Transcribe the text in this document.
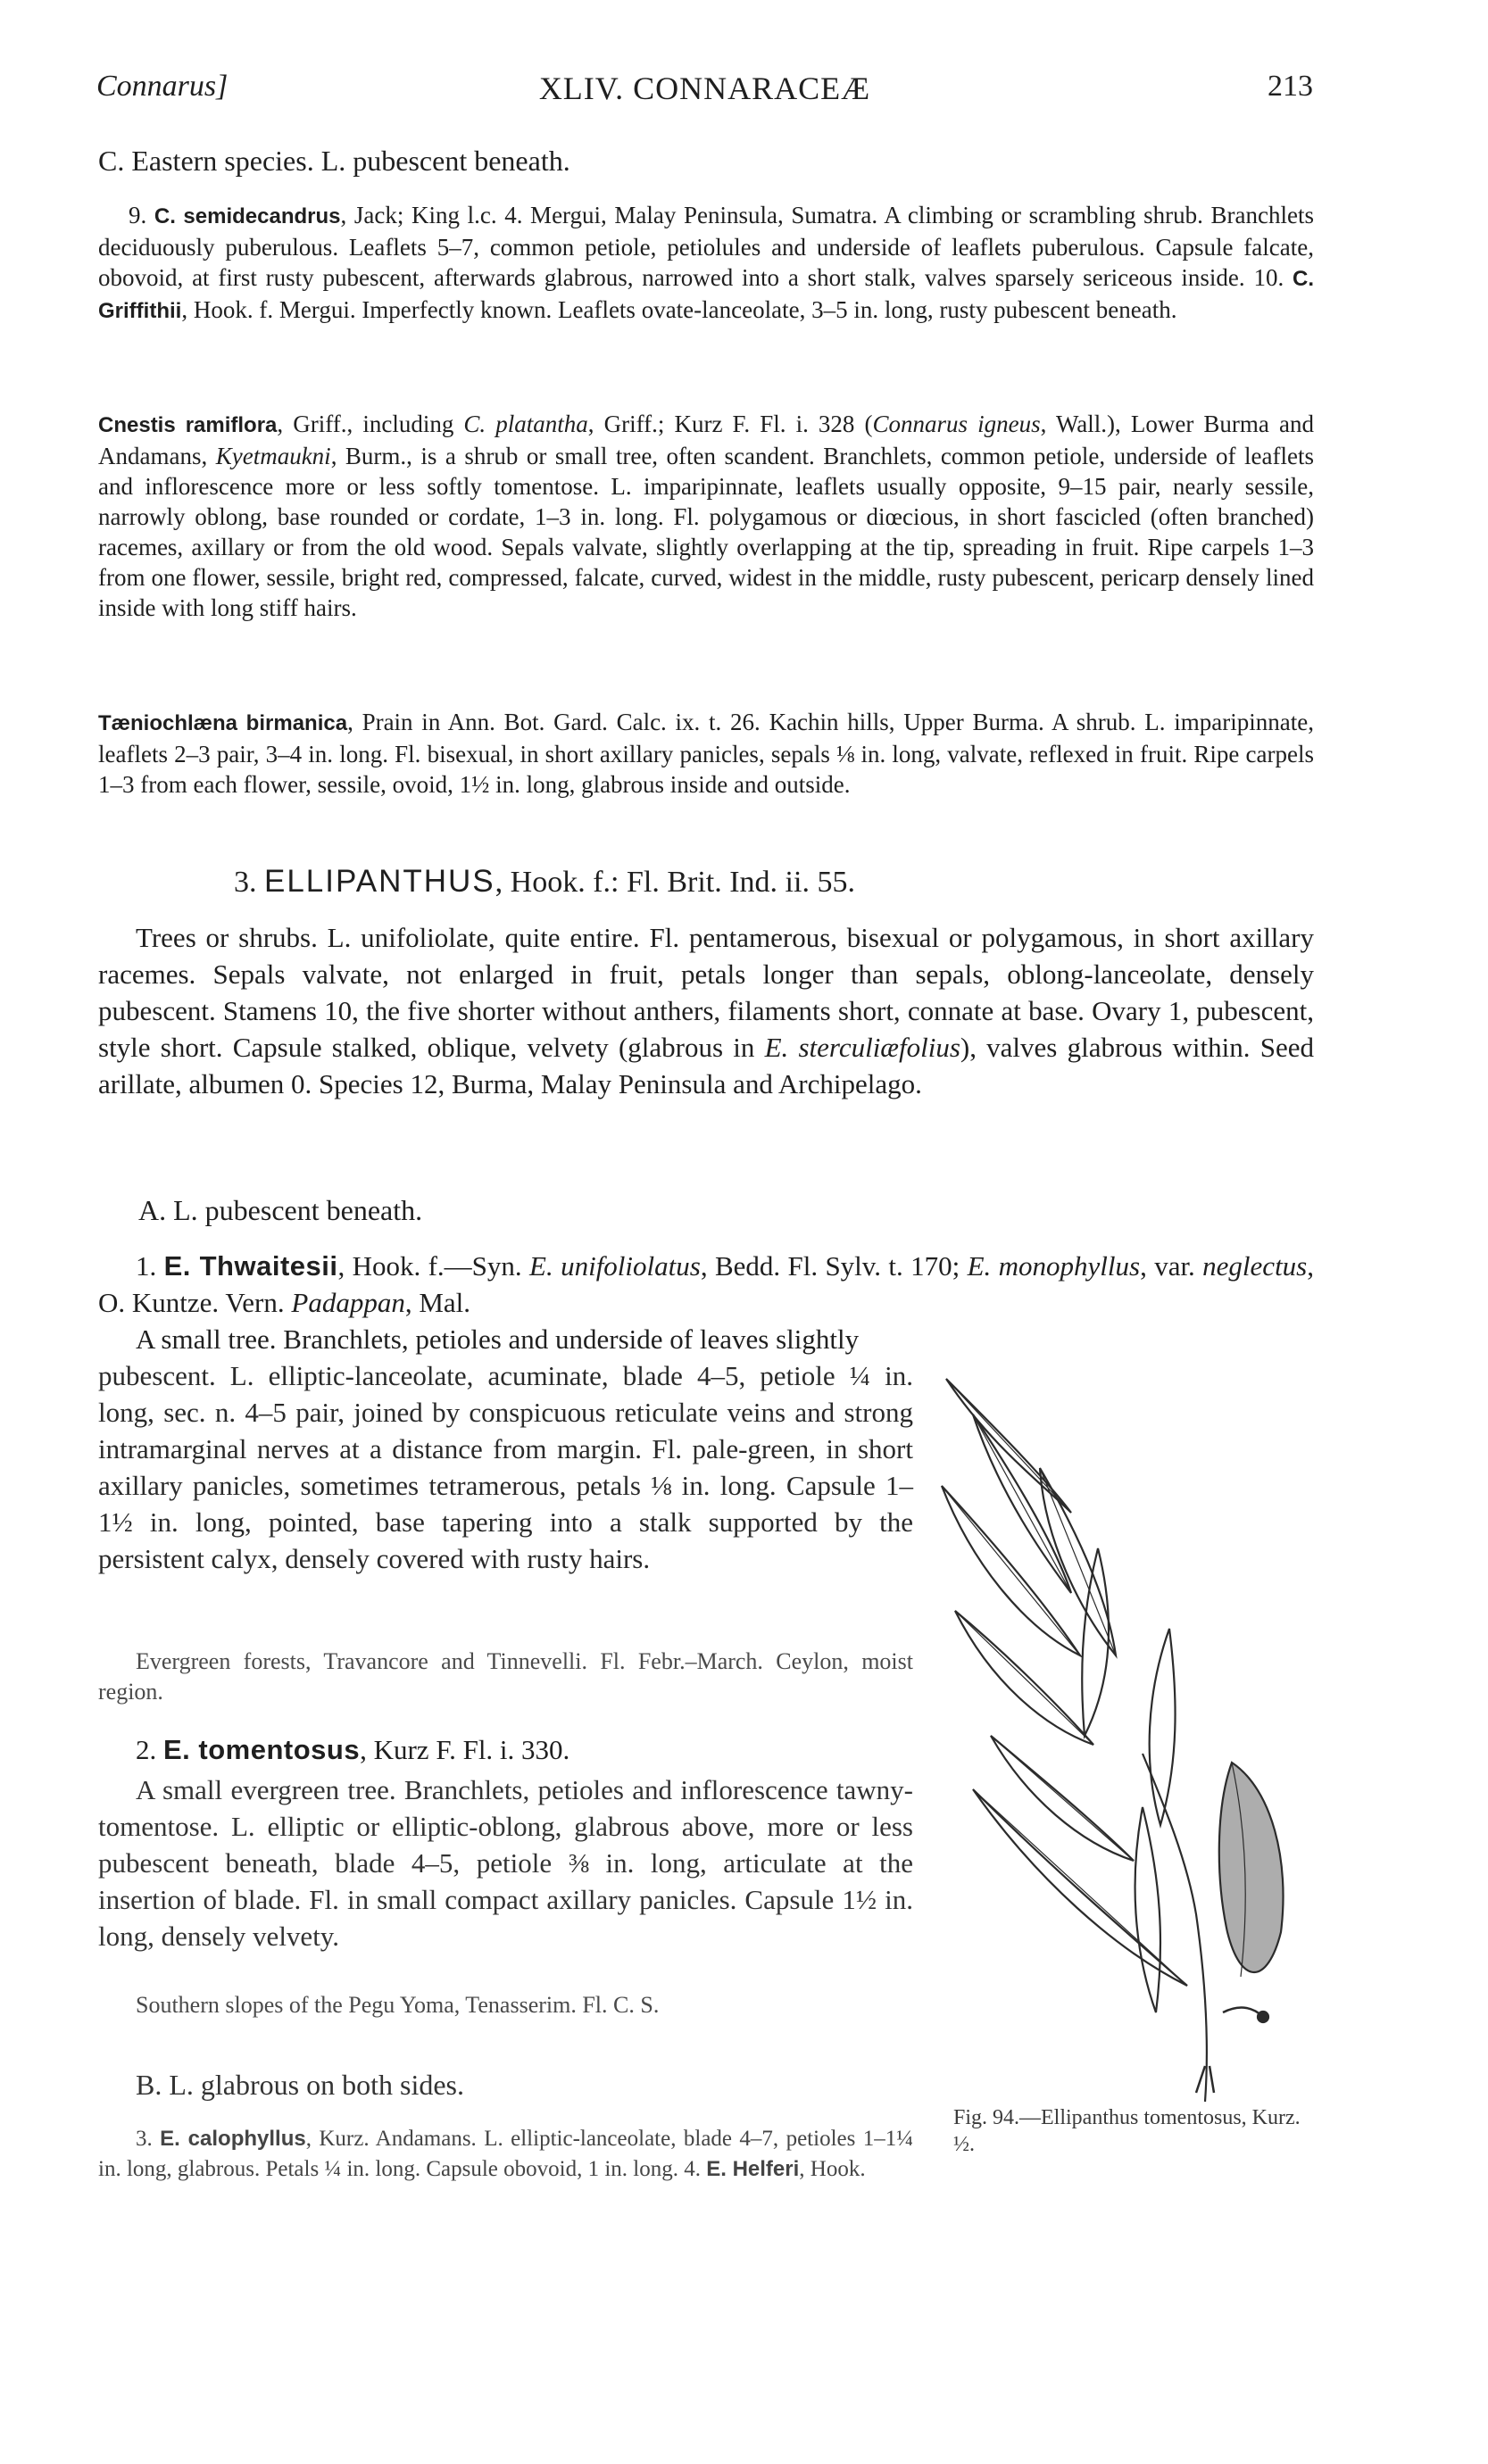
Connarus]	XLIV. CONNARACEÆ	213

C. Eastern species. L. pubescent beneath.

9. C. semidecandrus, Jack; King l.c. 4. Mergui, Malay Peninsula, Sumatra. A climbing or scrambling shrub. Branchlets deciduously puberulous. Leaflets 5–7, common petiole, petiolules and underside of leaflets puberulous. Capsule falcate, obovoid, at first rusty pubescent, afterwards glabrous, narrowed into a short stalk, valves sparsely sericeous inside. 10. C. Griffithii, Hook. f. Mergui. Imperfectly known. Leaflets ovate-lanceolate, 3–5 in. long, rusty pubescent beneath.

Cnestis ramiflora, Griff., including C. platantha, Griff.; Kurz F. Fl. i. 328 (Connarus igneus, Wall.), Lower Burma and Andamans, Kyetmaukni, Burm., is a shrub or small tree, often scandent. Branchlets, common petiole, underside of leaflets and inflorescence more or less softly tomentose. L. imparipinnate, leaflets usually opposite, 9–15 pair, nearly sessile, narrowly oblong, base rounded or cordate, 1–3 in. long. Fl. polygamous or diœcious, in short fascicled (often branched) racemes, axillary or from the old wood. Sepals valvate, slightly overlapping at the tip, spreading in fruit. Ripe carpels 1–3 from one flower, sessile, bright red, compressed, falcate, curved, widest in the middle, rusty pubescent, pericarp densely lined inside with long stiff hairs.

Tæniochlæna birmanica, Prain in Ann. Bot. Gard. Calc. ix. t. 26. Kachin hills, Upper Burma. A shrub. L. imparipinnate, leaflets 2–3 pair, 3–4 in. long. Fl. bisexual, in short axillary panicles, sepals ⅛ in. long, valvate, reflexed in fruit. Ripe carpels 1–3 from each flower, sessile, ovoid, 1½ in. long, glabrous inside and outside.

3. ELLIPANTHUS, Hook. f.: Fl. Brit. Ind. ii. 55.

Trees or shrubs. L. unifoliolate, quite entire. Fl. pentamerous, bisexual or polygamous, in short axillary racemes. Sepals valvate, not enlarged in fruit, petals longer than sepals, oblong-lanceolate, densely pubescent. Stamens 10, the five shorter without anthers, filaments short, connate at base. Ovary 1, pubescent, style short. Capsule stalked, oblique, velvety (glabrous in E. sterculiæfolius), valves glabrous within. Seed arillate, albumen 0. Species 12, Burma, Malay Peninsula and Archipelago.

A. L. pubescent beneath.

1. E. Thwaitesii, Hook. f.—Syn. E. unifoliolatus, Bedd. Fl. Sylv. t. 170; E. monophyllus, var. neglectus, O. Kuntze. Vern. Padappan, Mal.

A small tree. Branchlets, petioles and underside of leaves slightly

pubescent. L. elliptic-lanceolate, acuminate, blade 4–5, petiole ¼ in. long, sec. n. 4–5 pair, joined by conspicuous reticulate veins and strong intramarginal nerves at a distance from margin. Fl. pale-green, in short axillary panicles, sometimes tetramerous, petals ⅛ in. long. Capsule 1–1½ in. long, pointed, base tapering into a stalk supported by the persistent calyx, densely covered with rusty hairs.

Evergreen forests, Travancore and Tinnevelli. Fl. Febr.–March. Ceylon, moist region.

2. E. tomentosus, Kurz F. Fl. i. 330.

A small evergreen tree. Branchlets, petioles and inflorescence tawny-tomentose. L. elliptic or elliptic-oblong, glabrous above, more or less pubescent beneath, blade 4–5, petiole ⅜ in. long, articulate at the insertion of blade. Fl. in small compact axillary panicles. Capsule 1½ in. long, densely velvety.

Southern slopes of the Pegu Yoma, Tenasserim. Fl. C. S.

B. L. glabrous on both sides.

3. E. calophyllus, Kurz. Andamans. L. elliptic-lanceolate, blade 4–7, petioles 1–1¼ in. long, glabrous. Petals ¼ in. long. Capsule obovoid, 1 in. long. 4. E. Helferi, Hook.

Fig. 94.—Ellipanthus tomentosus, Kurz. ½.
